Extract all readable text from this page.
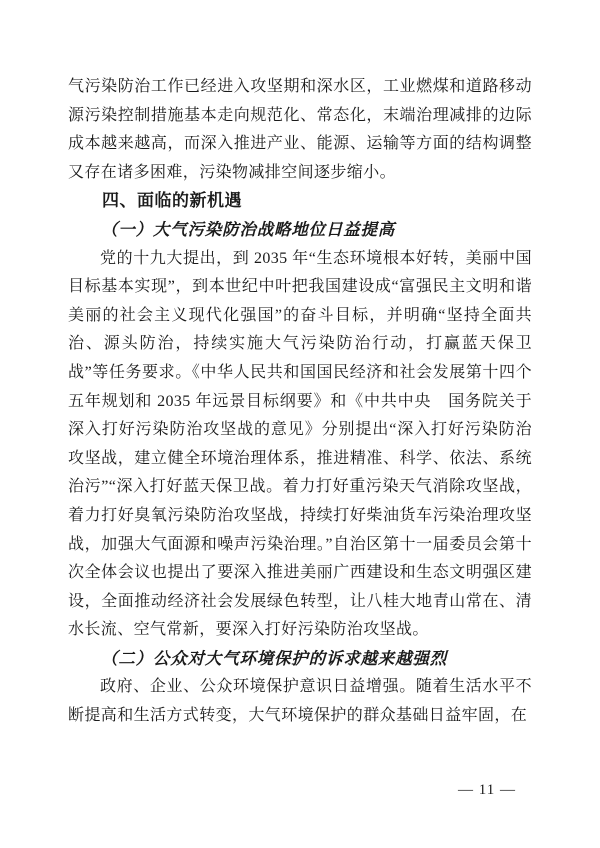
气污染防治工作已经进入攻坚期和深水区，工业燃煤和道路移动源污染控制措施基本走向规范化、常态化，末端治理减排的边际成本越来越高，而深入推进产业、能源、运输等方面的结构调整又存在诸多困难，污染物减排空间逐步缩小。

四、面临的新机遇
（一）大气污染防治战略地位日益提高

党的十九大提出，到 2035 年“生态环境根本好转，美丽中国目标基本实现”，到本世纪中叶把我国建设成“富强民主文明和谐美丽的社会主义现代化强国”的奋斗目标，并明确“坚持全面共治、源头防治，持续实施大气污染防治行动，打赢蓝天保卫战”等任务要求。《中华人民共和国国民经济和社会发展第十四个五年规划和 2035 年远景目标纲要》和《中共中央　国务院关于深入打好污染防治攻坚战的意见》分别提出“深入打好污染防治攻坚战，建立健全环境治理体系，推进精准、科学、依法、系统治污”“深入打好蓝天保卫战。着力打好重污染天气消除攻坚战，着力打好臭氧污染防治攻坚战，持续打好柴油货车污染治理攻坚战，加强大气面源和噪声污染治理。”自治区第十一届委员会第十次全体会议也提出了要深入推进美丽广西建设和生态文明强区建设，全面推动经济社会发展绿色转型，让八桂大地青山常在、清水长流、空气常新，要深入打好污染防治攻坚战。

（二）公众对大气环境保护的诉求越来越强烈

政府、企业、公众环境保护意识日益增强。随着生活水平不断提高和生活方式转变，大气环境保护的群众基础日益牢固，在

— 11 —
